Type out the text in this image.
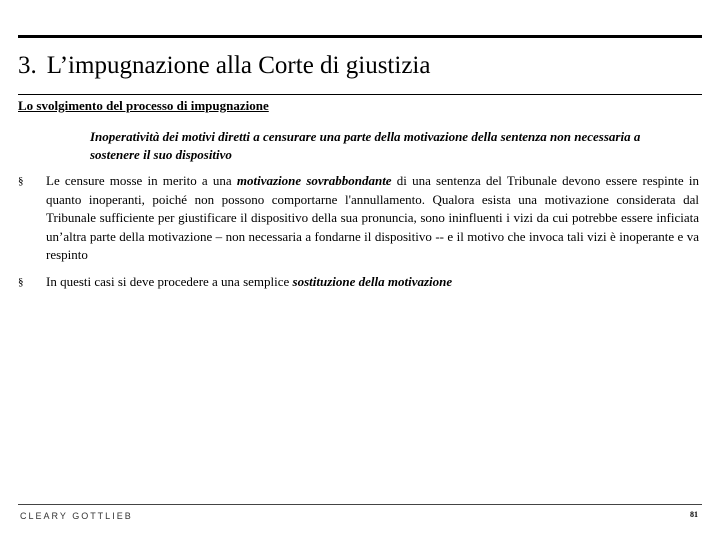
3. L’impugnazione alla Corte di giustizia
Lo svolgimento del processo di impugnazione
Inoperatività dei motivi diretti a censurare una parte della motivazione della sentenza non necessaria a sostenere il suo dispositivo
§ Le censure mosse in merito a una motivazione sovrabbondante di una sentenza del Tribunale devono essere respinte in quanto inoperanti, poiché non possono comportarne l'annullamento. Qualora esista una motivazione considerata dal Tribunale sufficiente per giustificare il dispositivo della sua pronuncia, sono ininfluenti i vizi da cui potrebbe essere inficiata un’altra parte della motivazione – non necessaria a fondarne il dispositivo -- e il motivo che invoca tali vizi è inoperante e va respinto
§ In questi casi si deve procedere a una semplice sostituzione della motivazione
CLEARY GOTTLIEB	81
